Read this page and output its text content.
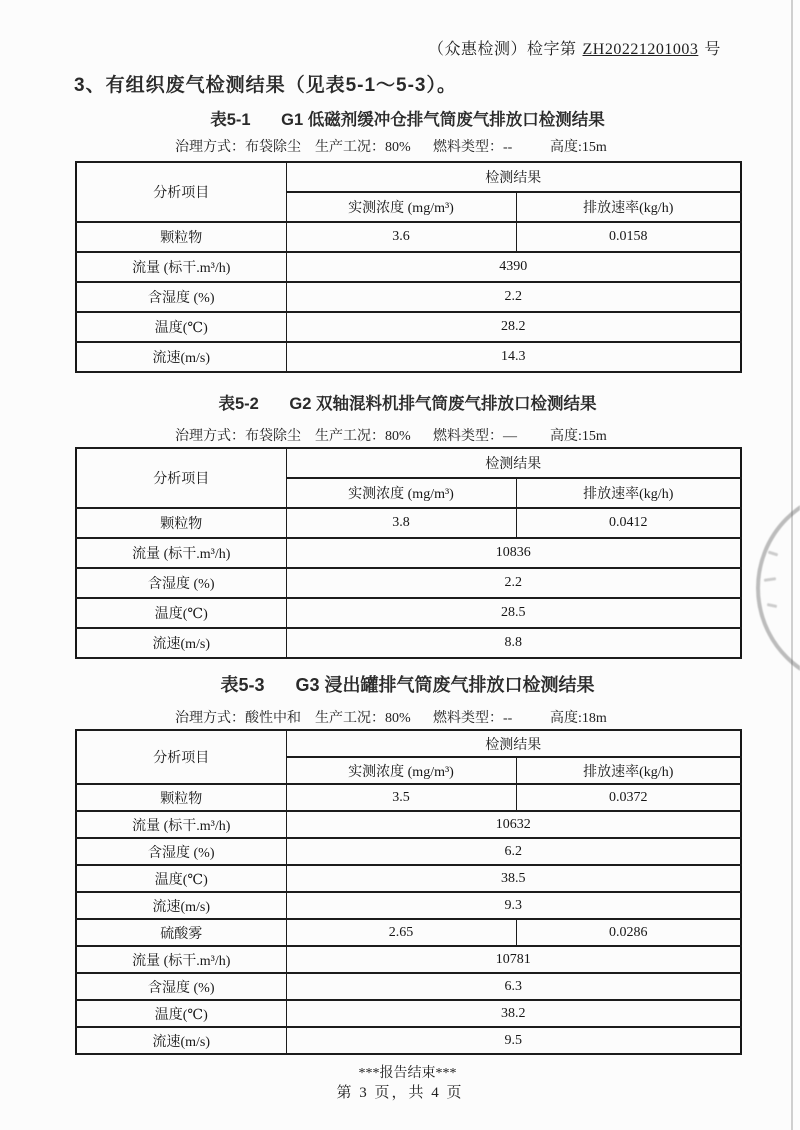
（众惠检测）检字第 ZH20221201003 号
3、有组织废气检测结果（见表5-1～5-3）。
表5-1 G1 低磁剂缓冲仓排气筒废气排放口检测结果
治理方式：布袋除尘 生产工况：80% 燃料类型：--	高度:15m
分析项目	检测结果	
	实测浓度 (mg/m³)	排放速率(kg/h)
颗粒物	3.6	0.0158
流量 (标干.m³/h)	4390	
含湿度 (%)	2.2	
温度(℃)	28.2	
流速(m/s)	14.3	
表5-2 G2 双轴混料机排气筒废气排放口检测结果
治理方式：布袋除尘 生产工况：80% 燃料类型：— 高度:15m
分析项目	检测结果	
	实测浓度 (mg/m³)	排放速率(kg/h)
颗粒物	3.8	0.0412
流量 (标干.m³/h)	10836	
含湿度 (%)	2.2	
温度(℃)	28.5	
流速(m/s)	8.8	
表5-3 G3 浸出罐排气筒废气排放口检测结果
治理方式：酸性中和 生产工况：80% 燃料类型：--	高度:18m
分析项目	检测结果	
	实测浓度 (mg/m³)	排放速率(kg/h)
颗粒物	3.5	0.0372
流量 (标干.m³/h)	10632	
含湿度 (%)	6.2	
温度(℃)	38.5	
流速(m/s)	9.3	
硫酸雾	2.65	0.0286
流量 (标干.m³/h)	10781	
含湿度 (%)	6.3	
温度(℃)	38.2	
流速(m/s)	9.5	
***报告结束***
第 3 页，共 4 页
